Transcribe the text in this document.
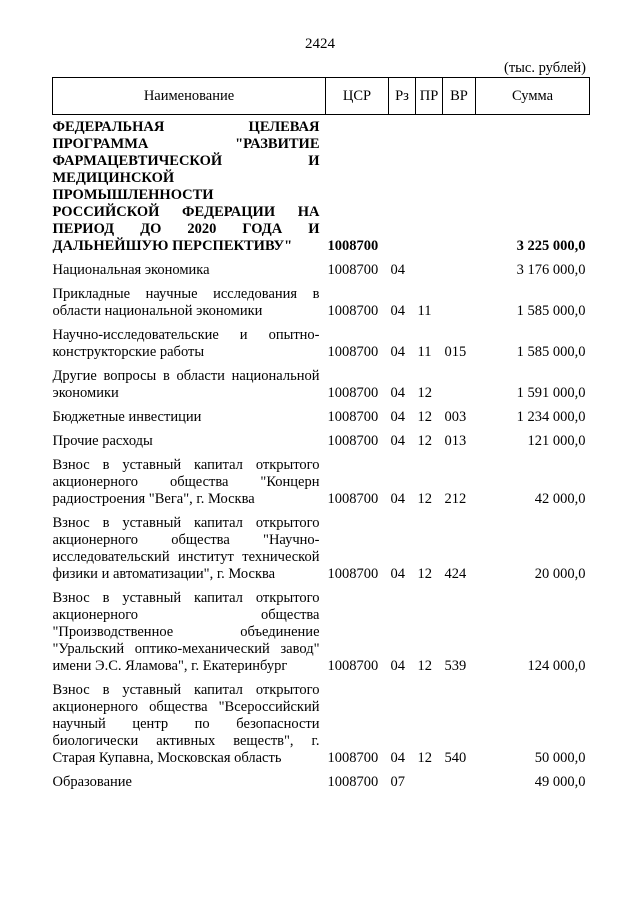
2424
(тыс. рублей)
Наименование	ЦСР	Рз	ПР	ВР	Сумма
ФЕДЕРАЛЬНАЯ ЦЕЛЕВАЯ ПРОГРАММА "РАЗВИТИЕ ФАРМАЦЕВТИЧЕСКОЙ И МЕДИЦИНСКОЙ ПРОМЫШЛЕННОСТИ РОССИЙСКОЙ ФЕДЕРАЦИИ НА ПЕРИОД ДО 2020 ГОДА И ДАЛЬНЕЙШУЮ ПЕРСПЕКТИВУ"	1008700				3 225 000,0
Национальная экономика	1008700	04			3 176 000,0
Прикладные научные исследования в области национальной экономики	1008700	04	11		1 585 000,0
Научно-исследовательские и опытно-конструкторские работы	1008700	04	11	015	1 585 000,0
Другие вопросы в области национальной экономики	1008700	04	12		1 591 000,0
Бюджетные инвестиции	1008700	04	12	003	1 234 000,0
Прочие расходы	1008700	04	12	013	121 000,0
Взнос в уставный капитал открытого акционерного общества "Концерн радиостроения "Вега", г. Москва	1008700	04	12	212	42 000,0
Взнос в уставный капитал открытого акционерного общества "Научно-исследовательский институт технической физики и автоматизации", г. Москва	1008700	04	12	424	20 000,0
Взнос в уставный капитал открытого акционерного общества "Производственное объединение "Уральский оптико-механический завод" имени Э.С. Яламова", г. Екатеринбург	1008700	04	12	539	124 000,0
Взнос в уставный капитал открытого акционерного общества "Всероссийский научный центр по безопасности биологически активных веществ", г. Старая Купавна, Московская область	1008700	04	12	540	50 000,0
Образование	1008700	07			49 000,0
